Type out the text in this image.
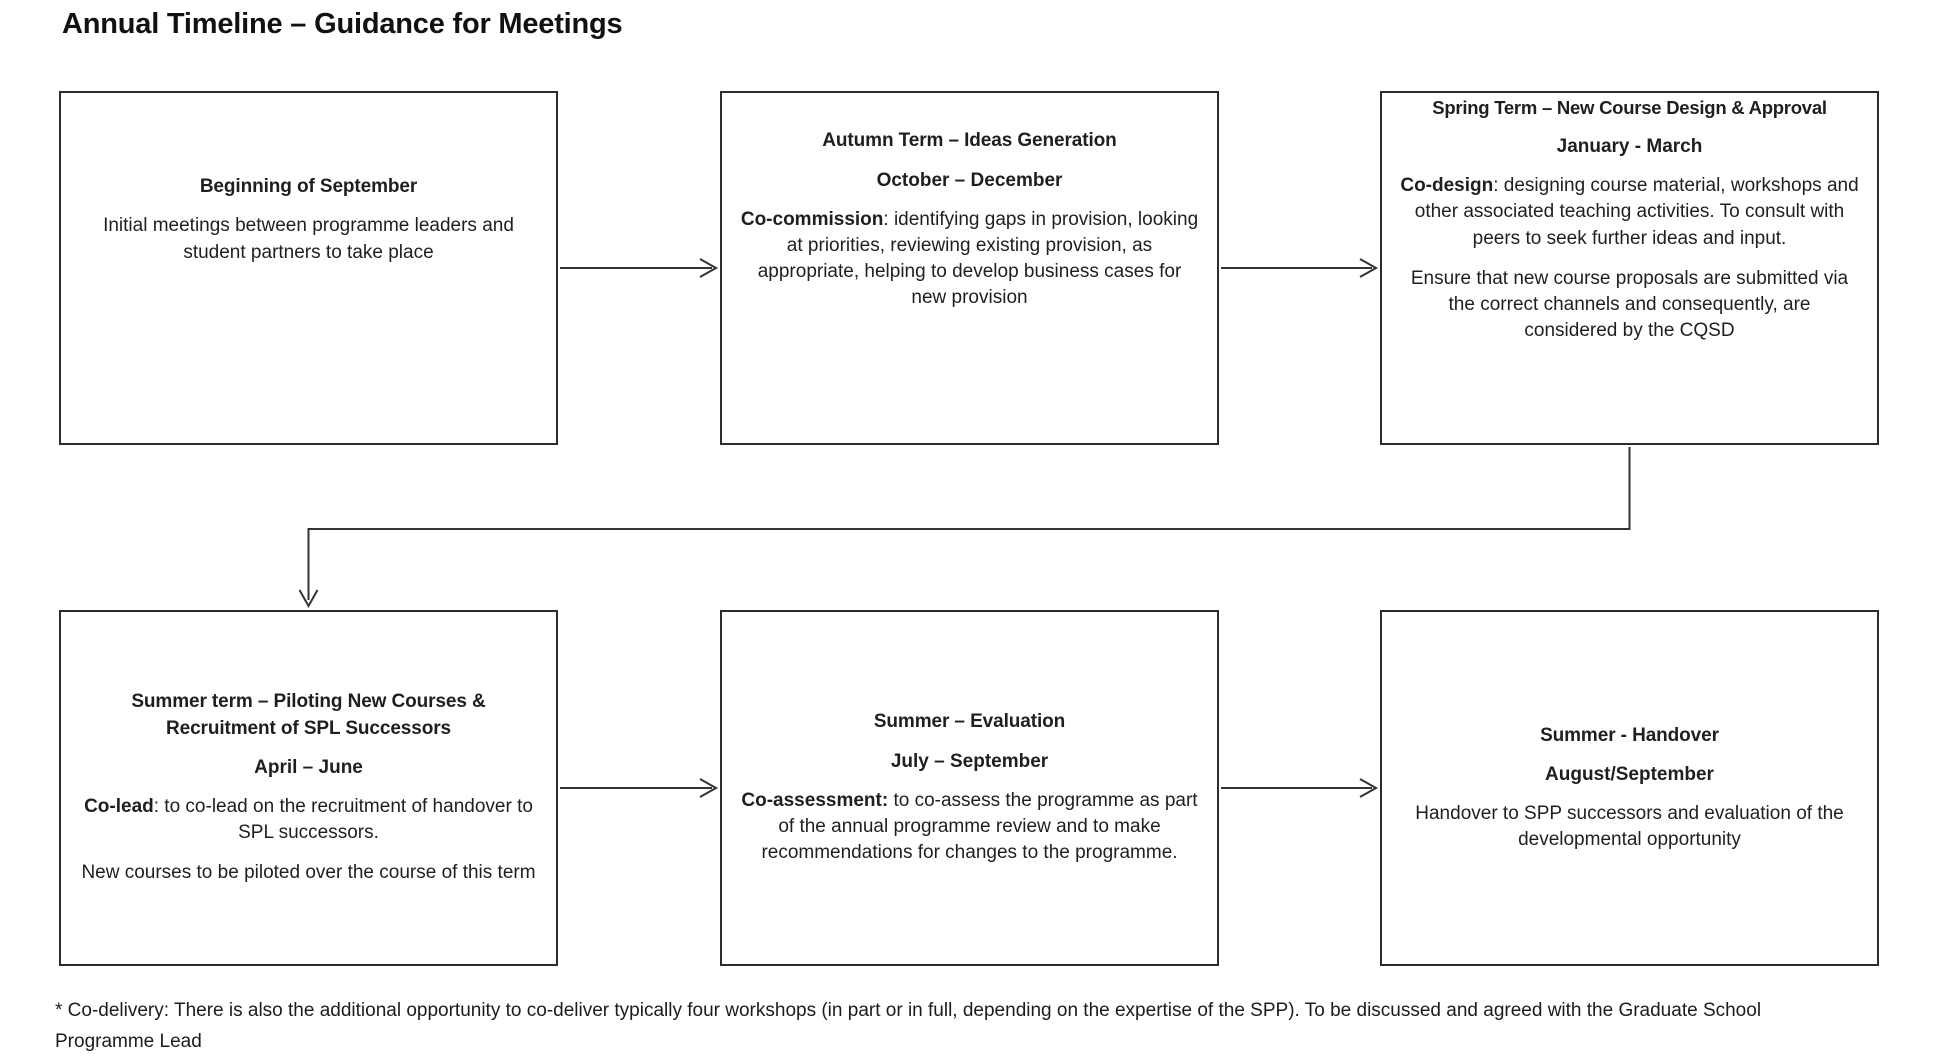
Annual Timeline – Guidance for Meetings
Beginning of September

Initial meetings between programme leaders and student partners to take place

Autumn Term – Ideas Generation
October – December

Co-commission: identifying gaps in provision, looking at priorities, reviewing existing provision, as appropriate, helping to develop business cases for new provision

Spring Term – New Course Design & Approval
January - March

Co-design: designing course material, workshops and other associated teaching activities. To consult with peers to seek further ideas and input.

Ensure that new course proposals are submitted via the correct channels and consequently, are considered by the CQSD

Summer term – Piloting New Courses & Recruitment of SPL Successors
April – June

Co-lead: to co-lead on the recruitment of handover to SPL successors.

New courses to be piloted over the course of this term

Summer – Evaluation
July – September

Co-assessment: to co-assess the programme as part of the annual programme review and to make recommendations for changes to the programme.

Summer - Handover
August/September

Handover to SPP successors and evaluation of the developmental opportunity

* Co-delivery: There is also the additional opportunity to co-deliver typically four workshops (in part or in full, depending on the expertise of the SPP). To be discussed and agreed with the Graduate School Programme Lead
